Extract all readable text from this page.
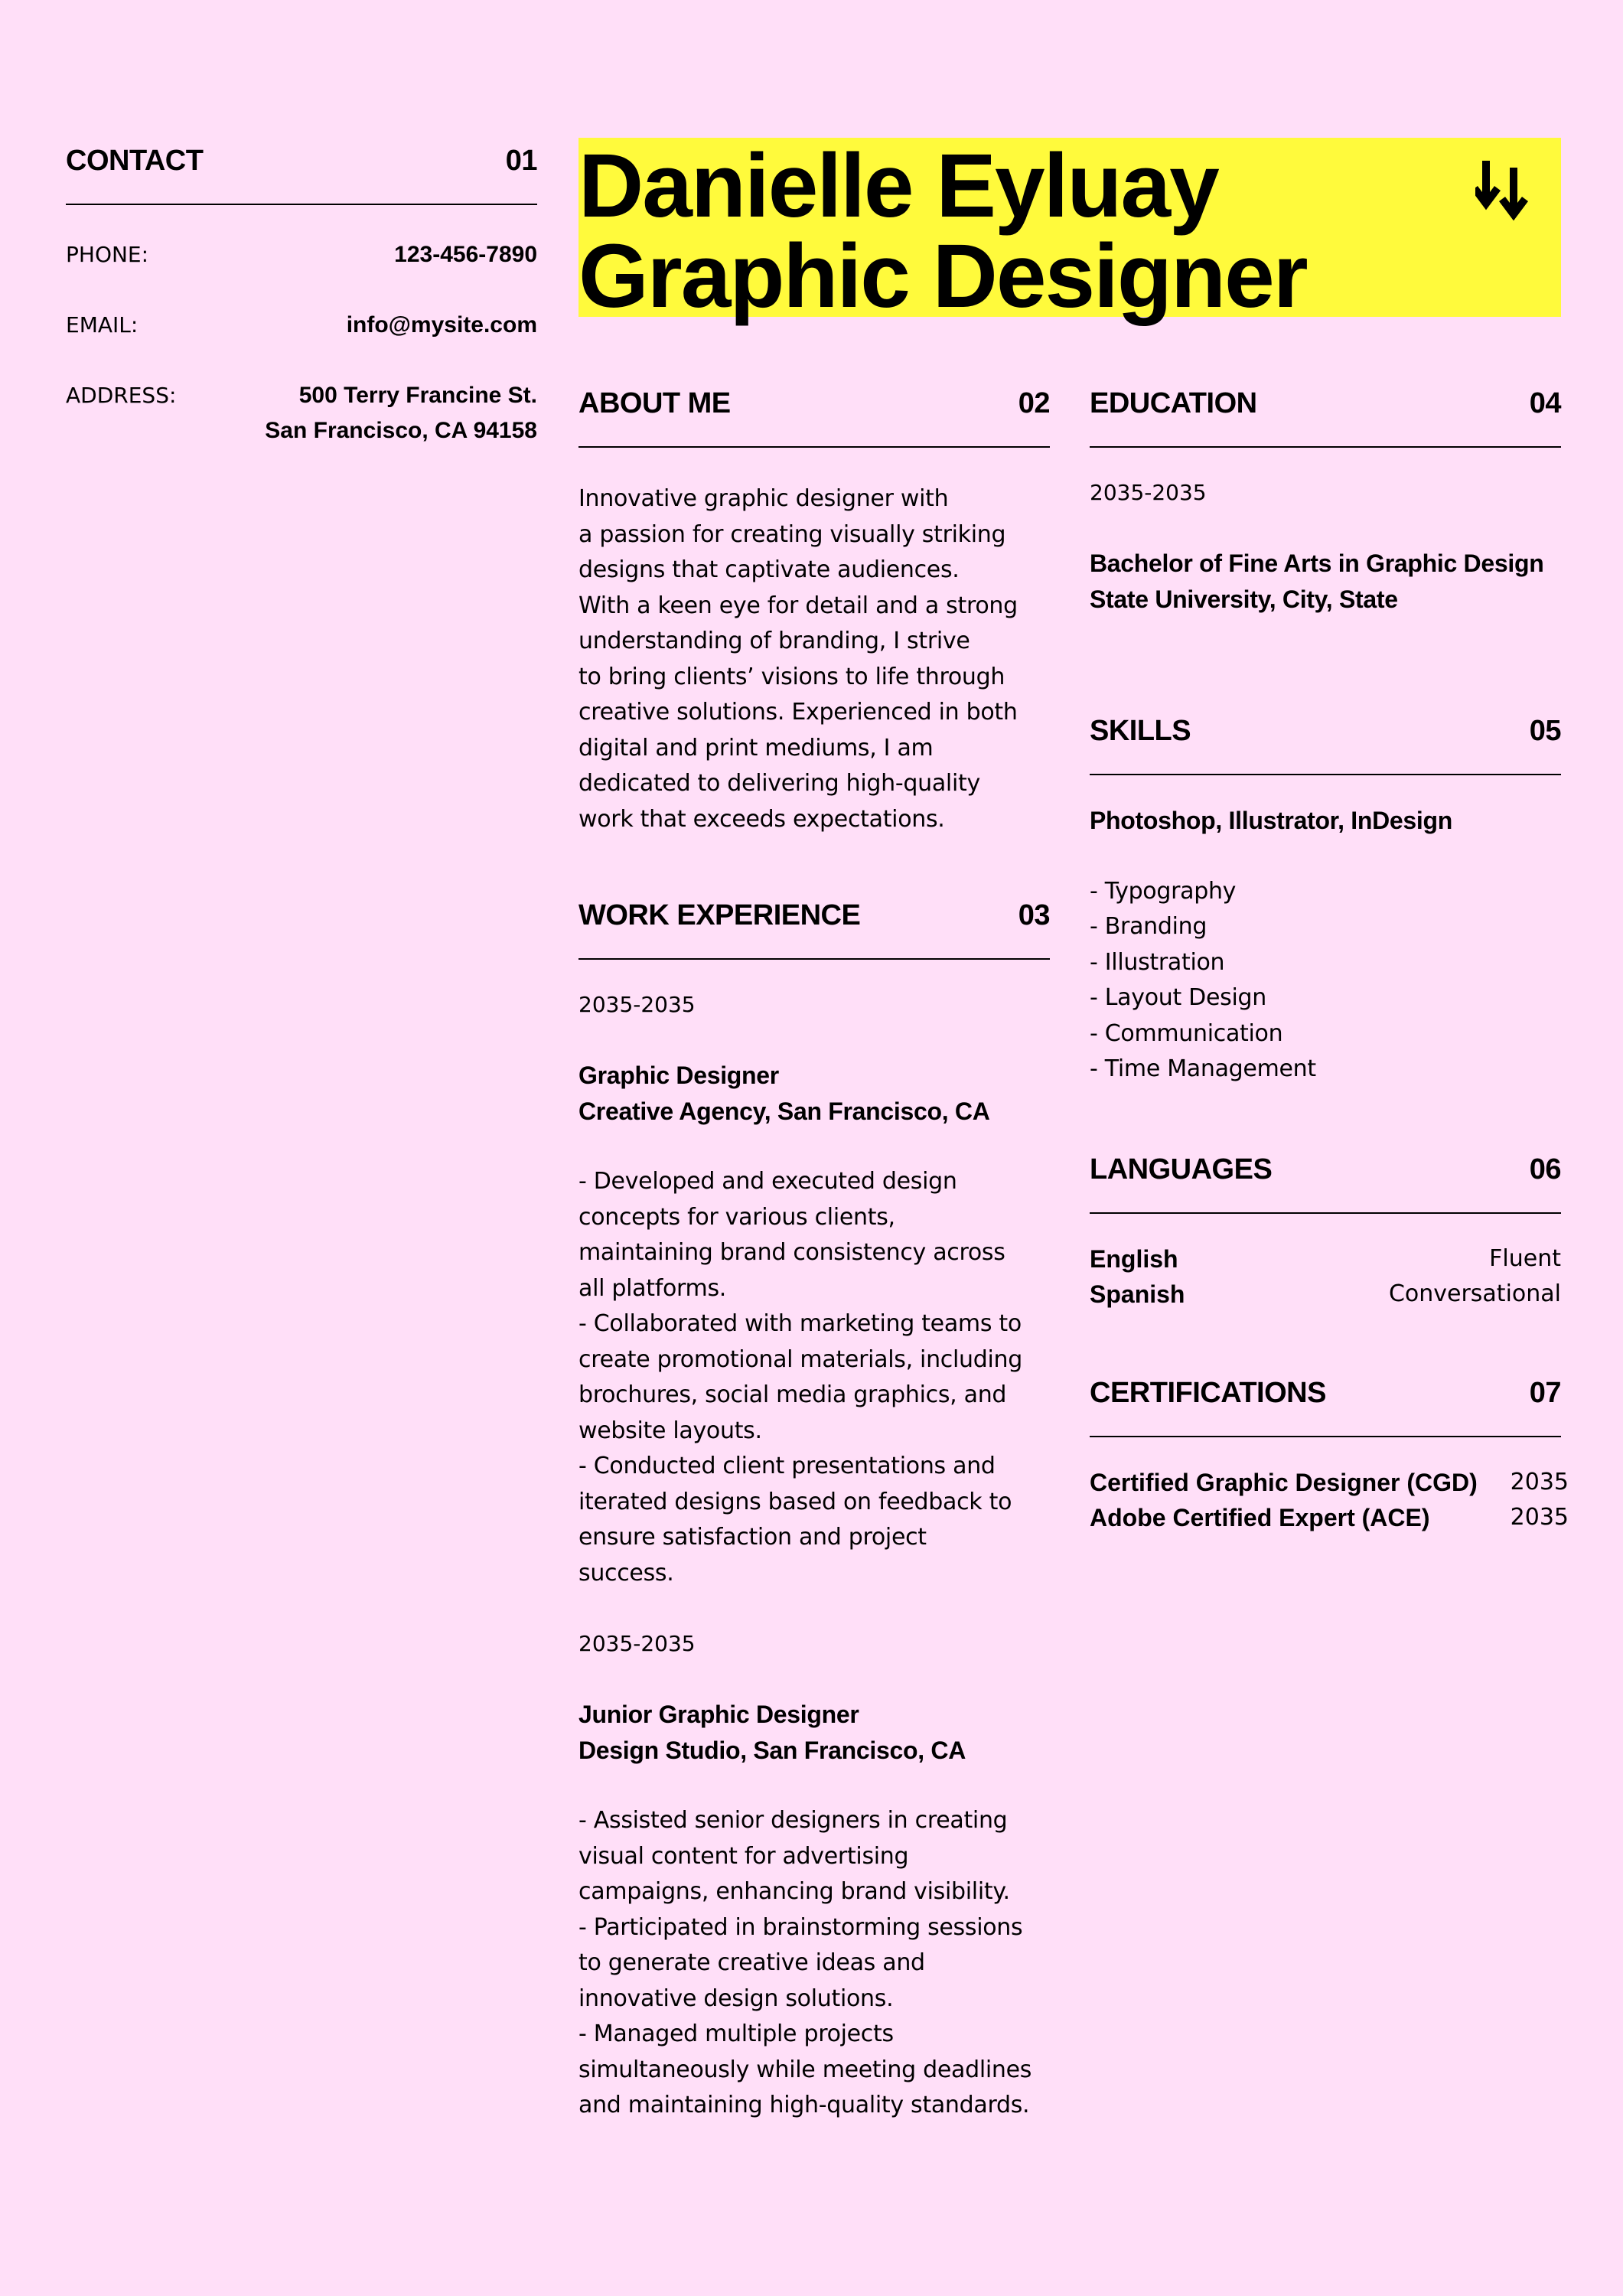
CONTACT	01
PHONE:	123-456-7890
EMAIL:	info@mysite.com
ADDRESS:	500 Terry Francine St.
San Francisco, CA 94158
Danielle Eyluay
Graphic Designer
ABOUT ME	02
Innovative graphic designer with
a passion for creating visually striking
designs that captivate audiences.
With a keen eye for detail and a strong
understanding of branding, I strive
to bring clients’ visions to life through
creative solutions. Experienced in both
digital and print mediums, I am
dedicated to delivering high-quality
work that exceeds expectations.
WORK EXPERIENCE	03
2035-2035
Graphic Designer
Creative Agency, San Francisco, CA
- Developed and executed design
concepts for various clients,
maintaining brand consistency across
all platforms.
- Collaborated with marketing teams to
create promotional materials, including
brochures, social media graphics, and
website layouts.
- Conducted client presentations and
iterated designs based on feedback to
ensure satisfaction and project
success.
2035-2035
Junior Graphic Designer
Design Studio, San Francisco, CA
- Assisted senior designers in creating
visual content for advertising
campaigns, enhancing brand visibility.
- Participated in brainstorming sessions
to generate creative ideas and
innovative design solutions.
- Managed multiple projects
simultaneously while meeting deadlines
and maintaining high-quality standards.
EDUCATION	04
2035-2035
Bachelor of Fine Arts in Graphic Design
State University, City, State
SKILLS	05
Photoshop, Illustrator, InDesign
- Typography
- Branding
- Illustration
- Layout Design
- Communication
- Time Management
LANGUAGES	06
English	Fluent
Spanish	Conversational
CERTIFICATIONS	07
Certified Graphic Designer (CGD) 2035
Adobe Certified Expert (ACE)	2035
